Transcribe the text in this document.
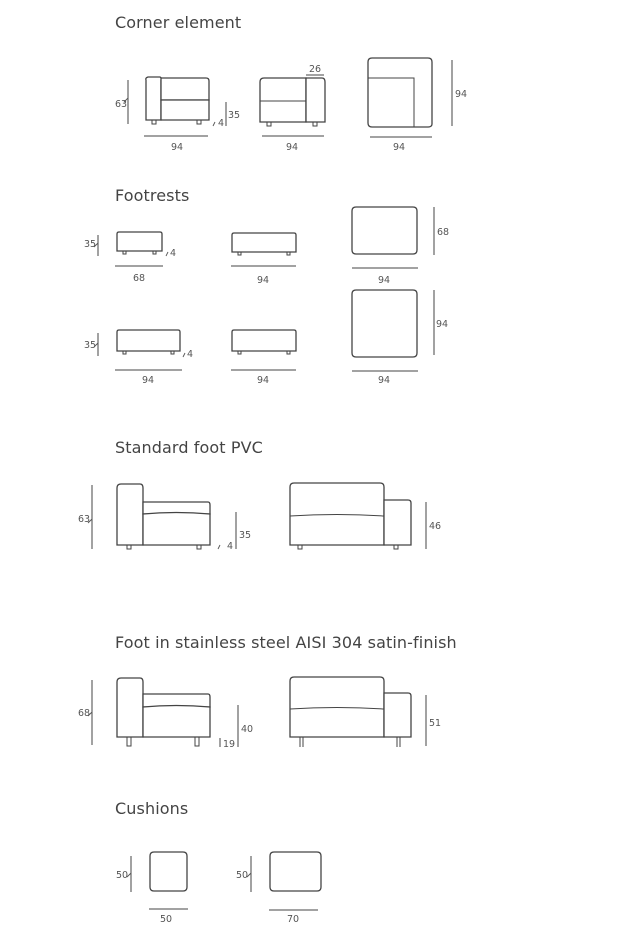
Corner element
Footrests
Standard foot PVC
Foot in stainless steel AISI 304 satin-finish
Cushions
63
94
4
35
26
94	94
94
35
4
68	94	94
68
35
4
94	94	94
94
63
4
35
46
68
19
40
51
50
50
50
70
